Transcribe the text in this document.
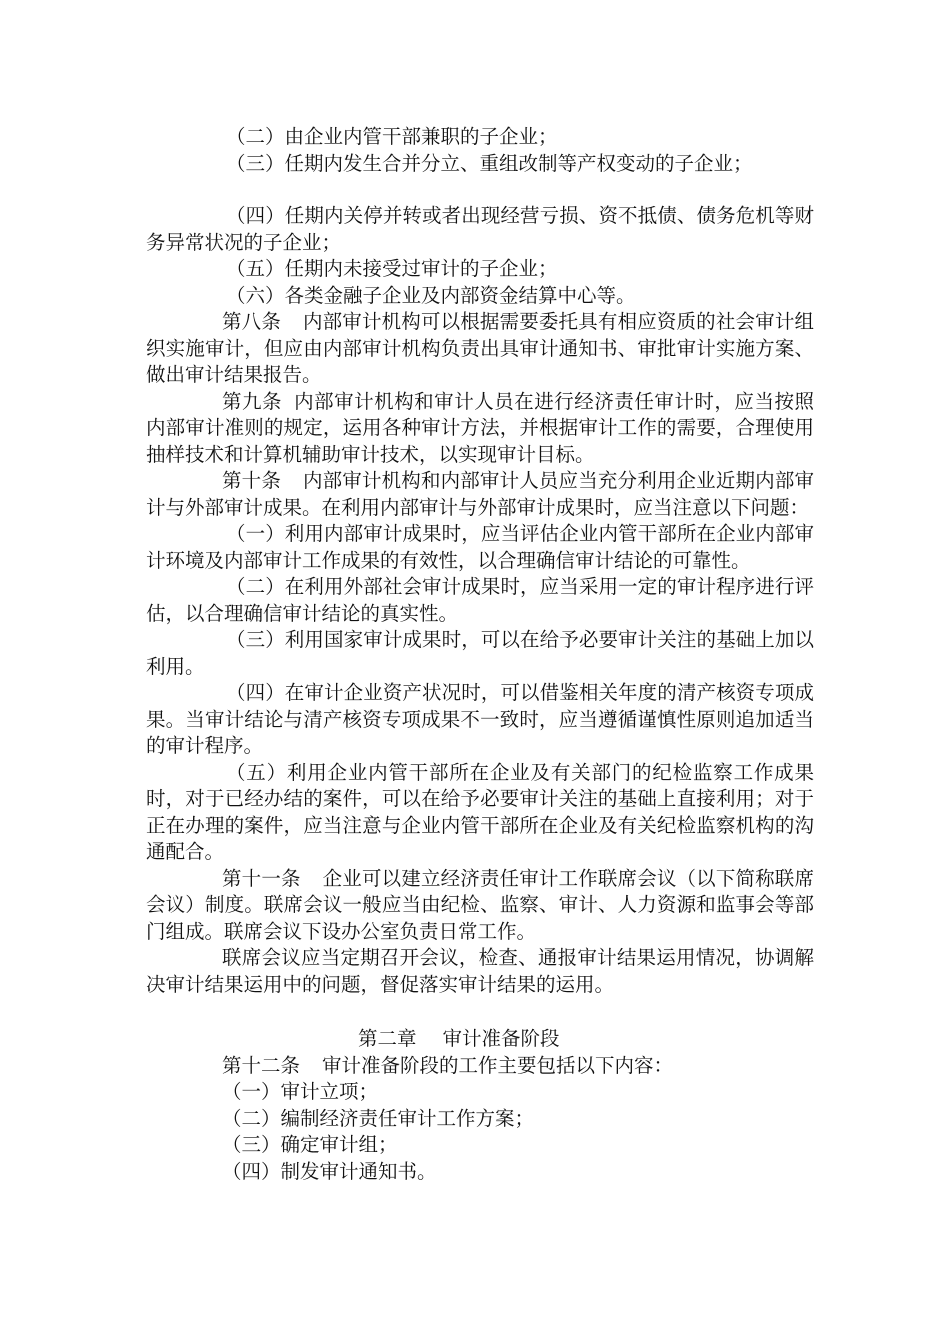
（二）由企业内管干部兼职的子企业；

（三）任期内发生合并分立、重组改制等产权变动的子企业；

（四）任期内关停并转或者出现经营亏损、资不抵债、债务危机等财务异常状况的子企业；

（五）任期内未接受过审计的子企业；

（六）各类金融子企业及内部资金结算中心等。

第八条 内部审计机构可以根据需要委托具有相应资质的社会审计组织实施审计，但应由内部审计机构负责出具审计通知书、审批审计实施方案、做出审计结果报告。

第九条 内部审计机构和审计人员在进行经济责任审计时，应当按照内部审计准则的规定，运用各种审计方法，并根据审计工作的需要，合理使用抽样技术和计算机辅助审计技术，以实现审计目标。

第十条 内部审计机构和内部审计人员应当充分利用企业近期内部审计与外部审计成果。在利用内部审计与外部审计成果时，应当注意以下问题：

（一）利用内部审计成果时，应当评估企业内管干部所在企业内部审计环境及内部审计工作成果的有效性，以合理确信审计结论的可靠性。

（二）在利用外部社会审计成果时，应当采用一定的审计程序进行评估，以合理确信审计结论的真实性。

（三）利用国家审计成果时，可以在给予必要审计关注的基础上加以利用。

（四）在审计企业资产状况时，可以借鉴相关年度的清产核资专项成果。当审计结论与清产核资专项成果不一致时，应当遵循谨慎性原则追加适当的审计程序。

（五）利用企业内管干部所在企业及有关部门的纪检监察工作成果时，对于已经办结的案件，可以在给予必要审计关注的基础上直接利用；对于正在办理的案件，应当注意与企业内管干部所在企业及有关纪检监察机构的沟通配合。

第十一条 企业可以建立经济责任审计工作联席会议（以下简称联席会议）制度。联席会议一般应当由纪检、监察、审计、人力资源和监事会等部门组成。联席会议下设办公室负责日常工作。

联席会议应当定期召开会议，检查、通报审计结果运用情况，协调解决审计结果运用中的问题，督促落实审计结果的运用。

第二章 审计准备阶段

第十二条 审计准备阶段的工作主要包括以下内容：

（一）审计立项；

（二）编制经济责任审计工作方案；

（三）确定审计组；

（四）制发审计通知书。
